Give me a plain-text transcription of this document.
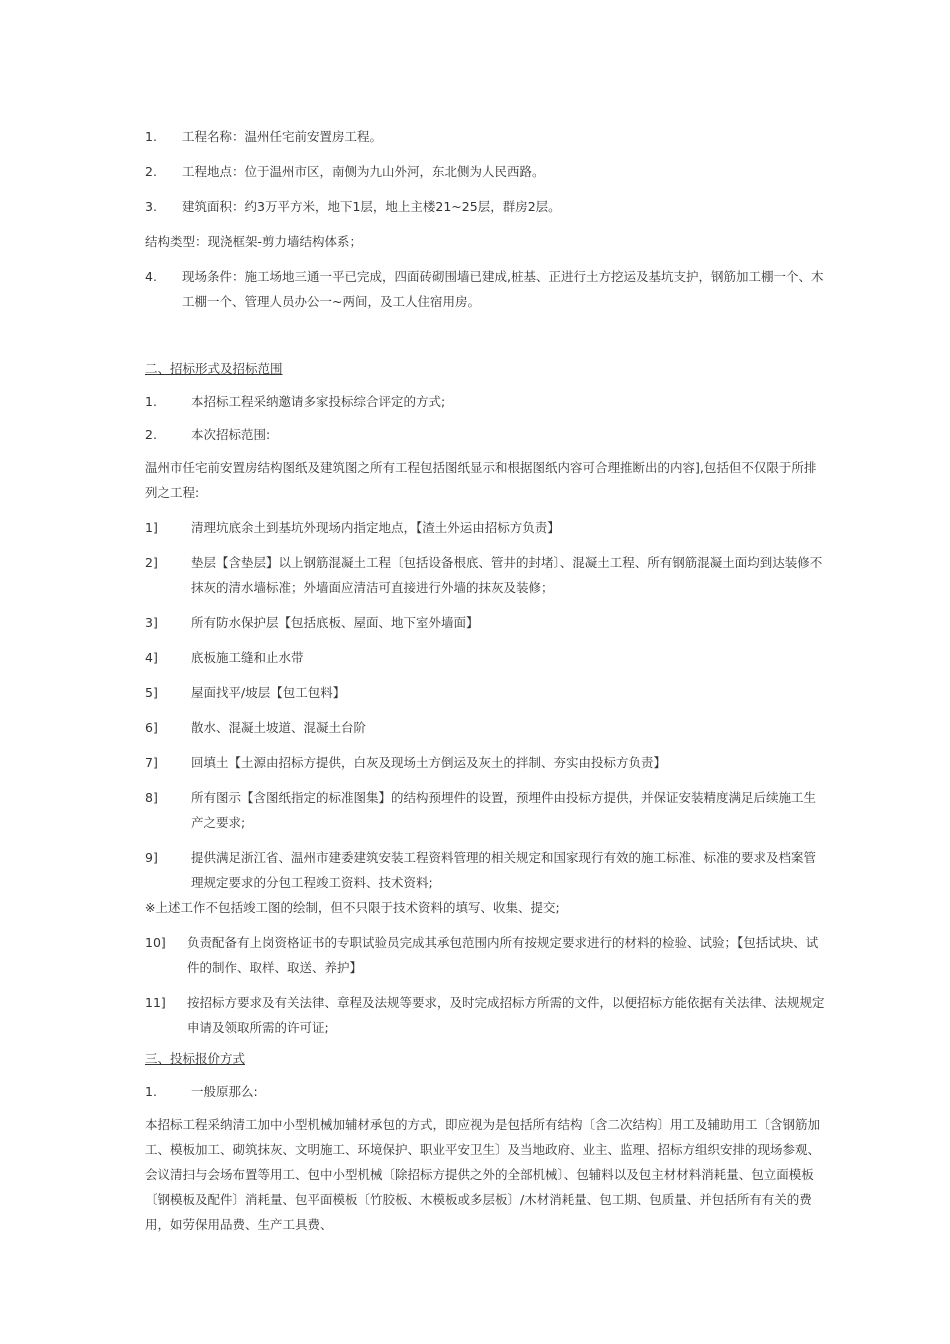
1.	工程名称：温州任宅前安置房工程。
2.	工程地点：位于温州市区，南侧为九山外河，东北侧为人民西路。
3.	建筑面积：约3万平方米，地下1层，地上主楼21~25层，群房2层。

结构类型：现浇框架-剪力墙结构体系；

4.	现场条件：施工场地三通一平已完成，四面砖砌围墙已建成,桩基、正进行土方挖运及基坑支护，钢筋加工棚一个、木工棚一个、管理人员办公一~两间，及工人住宿用房。

二、招标形式及招标范围

1.	本招标工程采纳邀请多家投标综合评定的方式;
2.	本次招标范围:

温州市任宅前安置房结构图纸及建筑图之所有工程包括图纸显示和根据图纸内容可合理推断出的内容],包括但不仅限于所排列之工程:

1]	清理坑底余土到基坑外现场内指定地点，【渣土外运由招标方负责】
2]	垫层【含垫层】以上钢筋混凝土工程〔包括设备根底、管井的封堵〕、混凝土工程、所有钢筋混凝土面均到达装修不抹灰的清水墙标准；外墙面应清洁可直接进行外墙的抹灰及装修；
3]	所有防水保护层【包括底板、屋面、地下室外墙面】
4]	底板施工缝和止水带
5]	屋面找平/坡层【包工包料】
6]	散水、混凝土坡道、混凝土台阶
7]	回填土【土源由招标方提供，白灰及现场土方倒运及灰土的拌制、夯实由投标方负责】
8]	所有图示【含图纸指定的标准图集】的结构预埋件的设置，预埋件由投标方提供，并保证安装精度满足后续施工生产之要求;
9]	提供满足浙江省、温州市建委建筑安装工程资料管理的相关规定和国家现行有效的施工标准、标准的要求及档案管理规定要求的分包工程竣工资料、技术资料;

※上述工作不包括竣工图的绘制，但不只限于技术资料的填写、收集、提交;

10]	负责配备有上岗资格证书的专职试验员完成其承包范围内所有按规定要求进行的材料的检验、试验；【包括试块、试件的制作、取样、取送、养护】
11]	按招标方要求及有关法律、章程及法规等要求，及时完成招标方所需的文件，以便招标方能依据有关法律、法规规定申请及领取所需的许可证;

三、投标报价方式

1.	一般原那么:

本招标工程采纳清工加中小型机械加辅材承包的方式，即应视为是包括所有结构〔含二次结构〕用工及辅助用工〔含钢筋加工、模板加工、砌筑抹灰、文明施工、环境保护、职业平安卫生〕及当地政府、业主、监理、招标方组织安排的现场参观、会议清扫与会场布置等用工、包中小型机械〔除招标方提供之外的全部机械〕、包辅料以及包主材材料消耗量、包立面模板〔钢模板及配件〕消耗量、包平面模板〔竹胶板、木模板或多层板〕/木材消耗量、包工期、包质量、并包括所有有关的费用，如劳保用品费、生产工具费、
